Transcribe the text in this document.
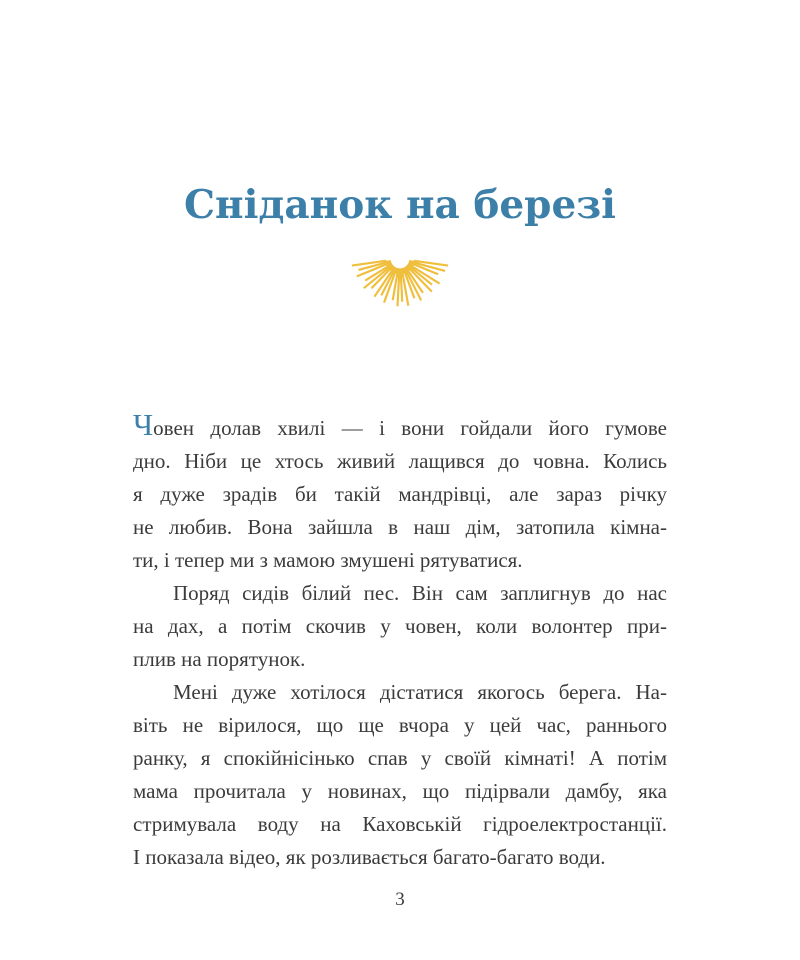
Сніданок на березі
Човен долав хвилі — і вони гойдали його гумове
дно. Ніби це хтось живий лащився до човна. Колись
я дуже зрадів би такій мандрівці, але зараз річку
не любив. Вона зайшла в наш дім, затопила кімна-
ти, і тепер ми з мамою змушені рятуватися.
Поряд сидів білий пес. Він сам заплигнув до нас
на дах, а потім скочив у човен, коли волонтер при-
плив на порятунок.
Мені дуже хотілося дістатися якогось берега. На-
віть не вірилося, що ще вчора у цей час, раннього
ранку, я спокійнісінько спав у своїй кімнаті! А потім
мама прочитала у новинах, що підірвали дамбу, яка
стримувала воду на Каховській гідроелектростанції.
І показала відео, як розливається багато-багато води.
3
